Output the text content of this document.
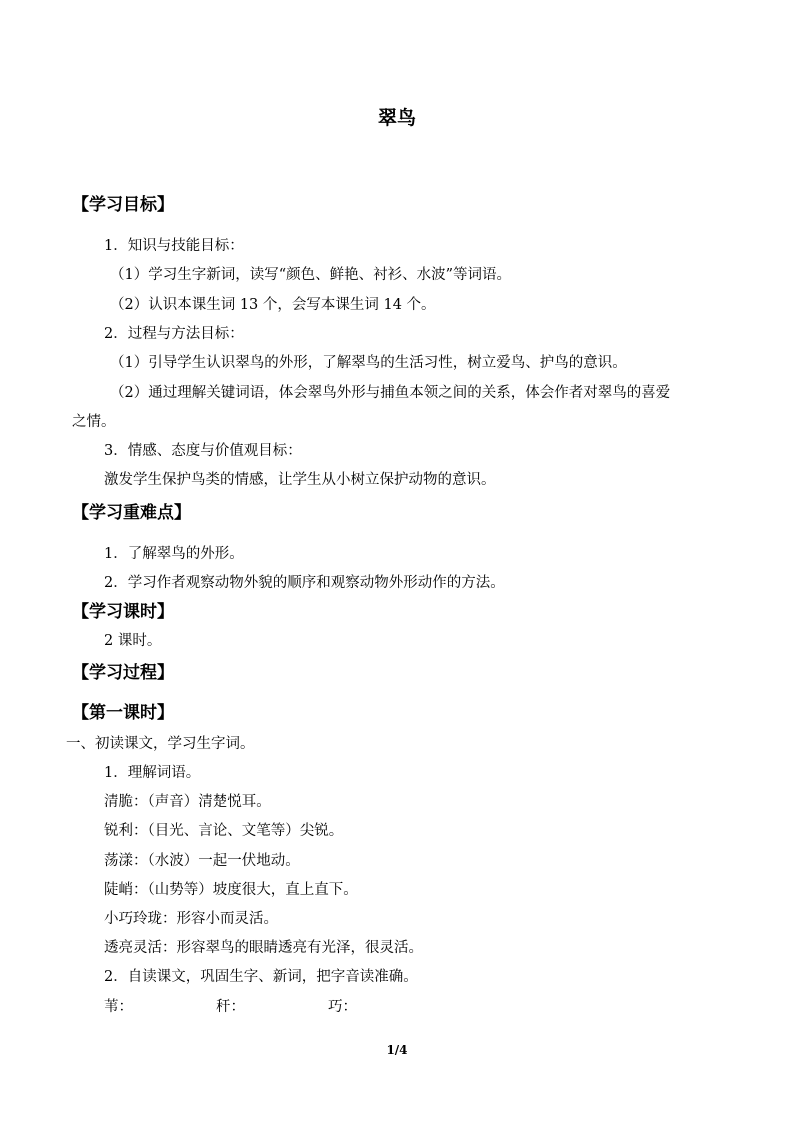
翠鸟
【学习目标】
1．知识与技能目标：
（1）学习生字新词，读写“颜色、鲜艳、衬衫、水波”等词语。
（2）认识本课生词 13 个，会写本课生词 14 个。
2．过程与方法目标：
（1）引导学生认识翠鸟的外形，了解翠鸟的生活习性，树立爱鸟、护鸟的意识。
（2）通过理解关键词语，体会翠鸟外形与捕鱼本领之间的关系，体会作者对翠鸟的喜爱
之情。
3．情感、态度与价值观目标：
激发学生保护鸟类的情感，让学生从小树立保护动物的意识。
【学习重难点】
1．了解翠鸟的外形。
2．学习作者观察动物外貌的顺序和观察动物外形动作的方法。
【学习课时】
2 课时。
【学习过程】
【第一课时】
一、初读课文，学习生字词。
1．理解词语。
清脆：（声音）清楚悦耳。
锐利：（目光、言论、文笔等）尖锐。
荡漾：（水波）一起一伏地动。
陡峭：（山势等）坡度很大，直上直下。
小巧玲珑：形容小而灵活。
透亮灵活：形容翠鸟的眼睛透亮有光泽，很灵活。
2．自读课文，巩固生字、新词，把字音读准确。
苇：	秆：	巧：
1/4
